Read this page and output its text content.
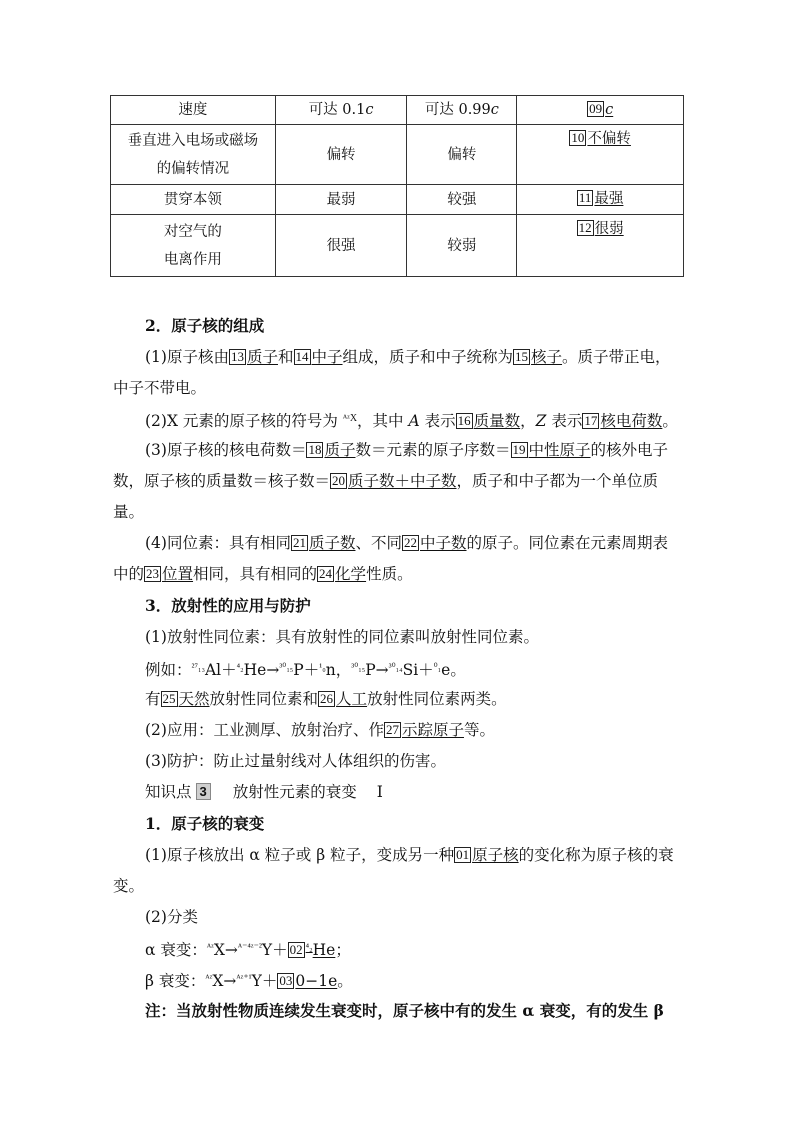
速度	可达 0.1c	可达 0.99c	09 c

垂直进入电场或磁场
的偏转情况	偏转	偏转	10 不偏转
贯穿本领	最弱	较强	11 最强

对空气的
电离作用	很强	较弱	12 很弱
2．原子核的组成
(1)原子核由 13 质子和 14 中子组成，质子和中子统称为 15 核子。质子带正电，
中子不带电。
(2)X 元素的原子核的符号为 $^{ᴬᶻX}$，其中 A 表示 16 质量数，Z 表示 17 核电荷数。
(3)原子核的核电荷数＝ 18 质子数＝元素的原子序数＝ 19 中性原子的核外电子
数，原子核的质量数＝核子数＝ 20 质子数＋中子数，质子和中子都为一个单位质
量。
(4)同位素：具有相同 21 质子数、不同 22 中子数的原子。同位素在元素周期表
中的 23 位置相同，具有相同的 24 化学性质。
3．放射性的应用与防护
(1)放射性同位素：具有放射性的同位素叫放射性同位素。
例如：$^{^{27}_{13}}$Al＋$^{^4_2}$He→$^{^{30}_{15}}$P＋$^{^1_0}$n，$^{^{30}_{15}}$P→$^{^{30}_{14}}$Si＋$^{^0_1}$e。
有 25 天然放射性同位素和 26 人工放射性同位素两类。
(2)应用：工业测厚、放射治疗、作 27 示踪原子等。
(3)防护：防止过量射线对人体组织的伤害。
知识点 3 放射性元素的衰变 I
1．原子核的衰变
(1)原子核放出 α 粒子或 β 粒子，变成另一种 01 原子核的变化称为原子核的衰
变。
(2)分类
α 衰变：$^{ᴬᶻ}$X→$^{ᴬ^{-4}ᶻ^{-2}}$Y＋ 02 $^{^4_2}$He；
β 衰变：$^{ᴬᶻ}$X→$^{ᴬᶻ^{+1}}$Y＋ 03 0−1e。
注：当放射性物质连续发生衰变时，原子核中有的发生 α 衰变，有的发生 β
